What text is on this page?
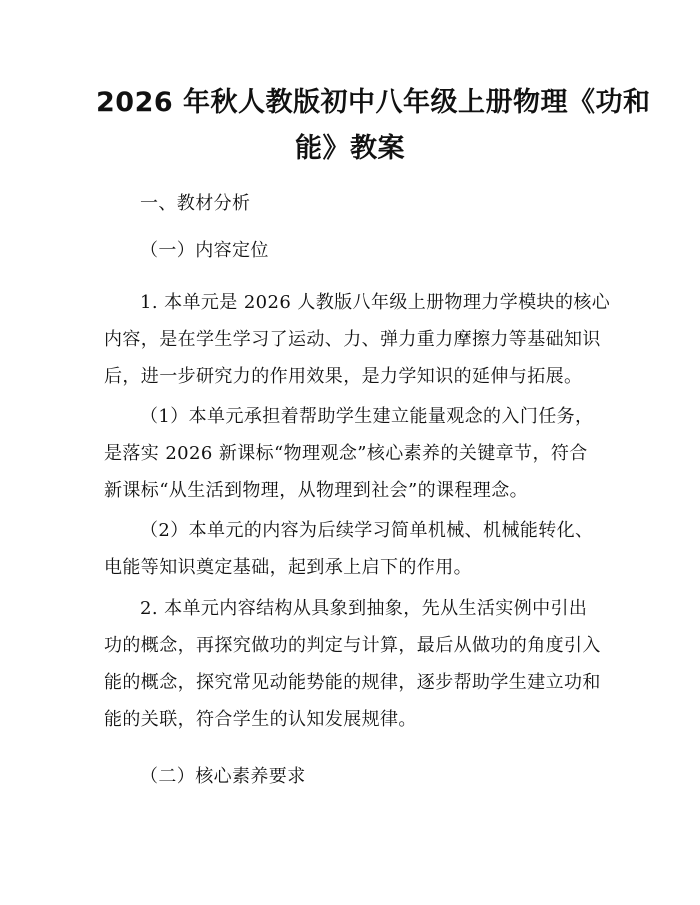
2026 年秋人教版初中八年级上册物理《功和
能》教案

一、教材分析

（一）内容定位

1. 本单元是 2026 人教版八年级上册物理力学模块的核心
内容，是在学生学习了运动、力、弹力重力摩擦力等基础知识
后，进一步研究力的作用效果，是力学知识的延伸与拓展。

（1）本单元承担着帮助学生建立能量观念的入门任务，
是落实 2026 新课标“物理观念”核心素养的关键章节，符合
新课标“从生活到物理，从物理到社会”的课程理念。

（2）本单元的内容为后续学习简单机械、机械能转化、
电能等知识奠定基础，起到承上启下的作用。

2. 本单元内容结构从具象到抽象，先从生活实例中引出
功的概念，再探究做功的判定与计算，最后从做功的角度引入
能的概念，探究常见动能势能的规律，逐步帮助学生建立功和
能的关联，符合学生的认知发展规律。

（二）核心素养要求
